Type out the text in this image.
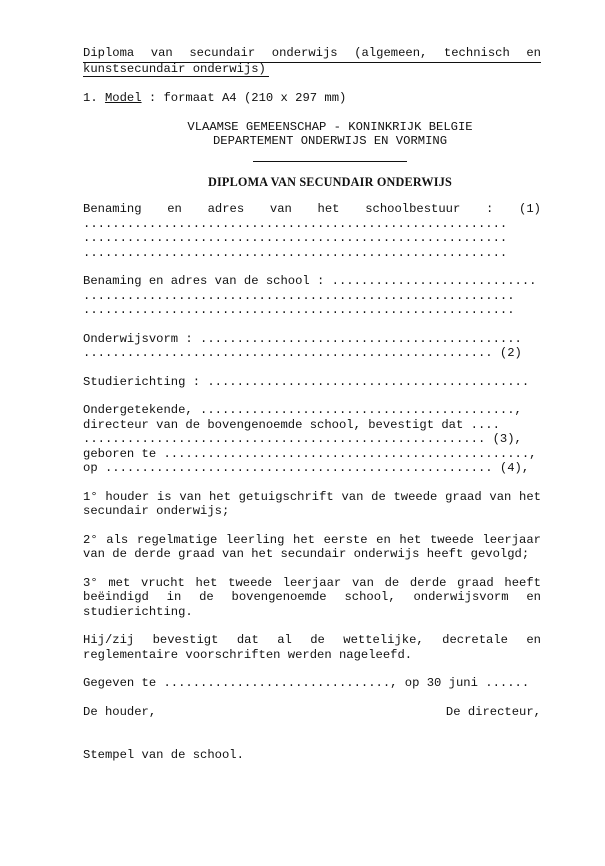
Diploma van secundair onderwijs (algemeen, technisch en
kunstsecundair onderwijs)
1. Model : formaat A4 (210 x 297 mm)
VLAAMSE GEMEENSCHAP - KONINKRIJK BELGIE
DEPARTEMENT ONDERWIJS EN VORMING
DIPLOMA VAN SECUNDAIR ONDERWIJS
Benaming en adres van het schoolbestuur : (1)
..........................................................
..........................................................
..........................................................
Benaming en adres van de school : ............................
...........................................................
...........................................................
Onderwijsvorm : ............................................
........................................................ (2)
Studierichting : ............................................
Ondergetekende, ...........................................,
directeur van de bovengenoemde school, bevestigt dat ....
....................................................... (3),
geboren te ..................................................,
op ..................................................... (4),

1° houder is van het getuigschrift van de tweede graad van het secundair onderwijs;

2° als regelmatige leerling het eerste en het tweede leerjaar van de derde graad van het secundair onderwijs heeft gevolgd;

3° met vrucht het tweede leerjaar van de derde graad heeft beëindigd in de bovengenoemde school, onderwijsvorm en studierichting.

Hij/zij bevestigt dat al de wettelijke, decretale en reglementaire voorschriften werden nageleefd.

Gegeven te ..............................., op 30 juni ......
De houder,	De directeur,
Stempel van de school.
